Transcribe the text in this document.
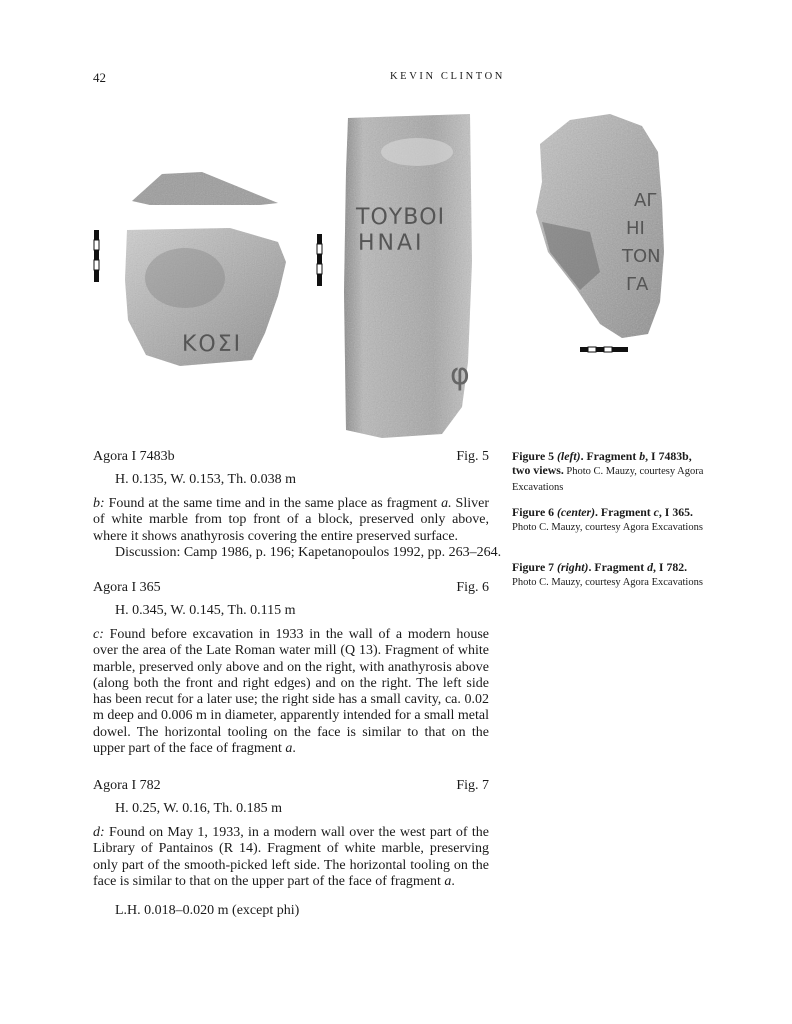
42	KEVIN CLINTON
ΚΟΣΙ
ΤΟΥΒΟΙ
ΗΝΑΙ
φ
ΑΓ
ΗΙ
ΤΟΝ
ΓΑ
Agora I 7483b	Fig. 5
H. 0.135, W. 0.153, Th. 0.038 m

b: Found at the same time and in the same place as fragment a. Sliver of white marble from top front of a block, preserved only above, where it shows anathyrosis covering the entire preserved surface.

Discussion: Camp 1986, p. 196; Kapetanopoulos 1992, pp. 263–264.
Agora I 365	Fig. 6
H. 0.345, W. 0.145, Th. 0.115 m

c: Found before excavation in 1933 in the wall of a modern house over the area of the Late Roman water mill (Q 13). Fragment of white marble, preserved only above and on the right, with anathyrosis above (along both the front and right edges) and on the right. The left side has been recut for a later use; the right side has a small cavity, ca. 0.02 m deep and 0.006 m in diameter, apparently intended for a small metal dowel. The horizontal tooling on the face is similar to that on the upper part of the face of fragment a.

Agora I 782	Fig. 7
H. 0.25, W. 0.16, Th. 0.185 m

d: Found on May 1, 1933, in a modern wall over the west part of the Library of Pantainos (R 14). Fragment of white marble, preserving only part of the smooth-picked left side. The horizontal tooling on the face is similar to that on the upper part of the face of fragment a.

L.H. 0.018–0.020 m (except phi)
Figure 5 (left). Fragment b, I 7483b, two views. Photo C. Mauzy, courtesy Agora Excavations
Figure 6 (center). Fragment c, I 365.
Photo C. Mauzy, courtesy Agora Excavations
Figure 7 (right). Fragment d, I 782.
Photo C. Mauzy, courtesy Agora Excavations
